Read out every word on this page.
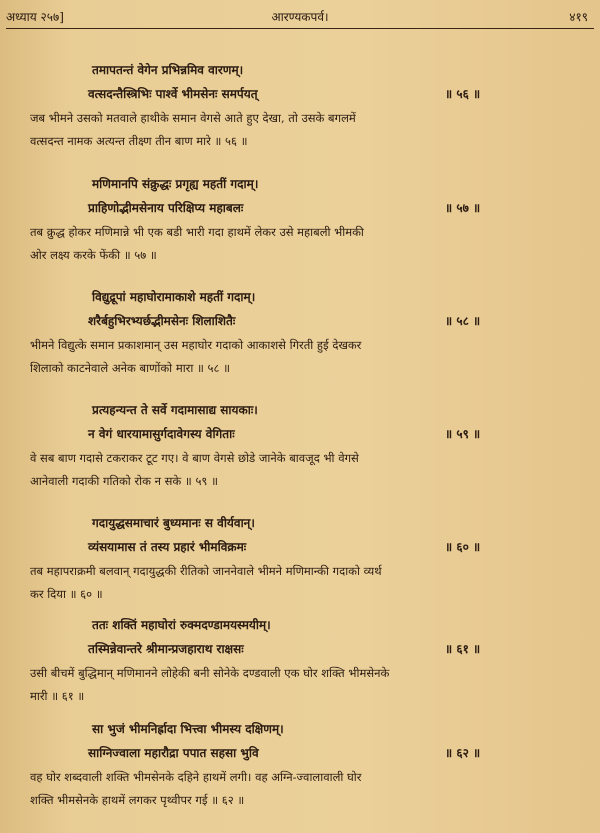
अध्याय २५७]	आरण्यकपर्व।	४१९
तमापतन्तं वेगेन प्रभिन्नमिव वारणम्।
वत्सदन्तैस्त्रिभिः पार्श्वे भीमसेनः समर्पयत्	॥ ५६ ॥
जब भीमने उसको मतवाले हाथीके समान वेगसे आते हुए देखा, तो उसके बगलमें
वत्सदन्त नामक अत्यन्त तीक्ष्ण तीन बाण मारे ॥ ५६ ॥
मणिमानपि संक्रुद्धः प्रगृह्य महतीं गदाम्।
प्राहिणोद्भीमसेनाय परिक्षिप्य महाबलः	॥ ५७ ॥
तब क्रुद्ध होकर मणिमान्ने भी एक बडी भारी गदा हाथमें लेकर उसे महाबली भीमकी
ओर लक्ष्य करके फेंकी ॥ ५७ ॥
विद्युद्रूपां महाघोरामाकाशे महतीं गदाम्।
शरैर्बहुभिरभ्यर्छद्भीमसेनः शिलाशितैः	॥ ५८ ॥
भीमने विद्युत्के समान प्रकाशमान् उस महाघोर गदाको आकाशसे गिरती हुई देखकर
शिलाको काटनेवाले अनेक बाणोंको मारा ॥ ५८ ॥
प्रत्यहन्यन्त ते सर्वे गदामासाद्य सायकाः।
न वेगं धारयामासुर्गदावेगस्य वेगिताः	॥ ५९ ॥
वे सब बाण गदासे टकराकर टूट गए। वे बाण वेगसे छोडे जानेके बावजूद भी वेगसे
आनेवाली गदाकी गतिको रोक न सके ॥ ५९ ॥
गदायुद्धसमाचारं बुध्यमानः स वीर्यवान्।
व्यंसयामास तं तस्य प्रहारं भीमविक्रमः	॥ ६० ॥
तब महापराक्रमी बलवान् गदायुद्धकी रीतिको जाननेवाले भीमने मणिमान्की गदाको व्यर्थ
कर दिया ॥ ६० ॥
ततः शक्तिं महाघोरां रुक्मदण्डामयस्मयीम्।
तस्मिन्नेवान्तरे श्रीमान्प्रजहाराथ राक्षसः	॥ ६१ ॥
उसी बीचमें बुद्धिमान् मणिमानने लोहेकी बनी सोनेके दण्डवाली एक घोर शक्ति भीमसेनके
मारी ॥ ६१ ॥
सा भुजं भीमनिर्ह्रादा भित्त्वा भीमस्य दक्षिणम्।
साग्निज्वाला महारौद्रा पपात सहसा भुवि	॥ ६२ ॥
वह घोर शब्दवाली शक्ति भीमसेनके दहिने हाथमें लगी। वह अग्नि-ज्वालावाली घोर
शक्ति भीमसेनके हाथमें लगकर पृथ्वीपर गई ॥ ६२ ॥
